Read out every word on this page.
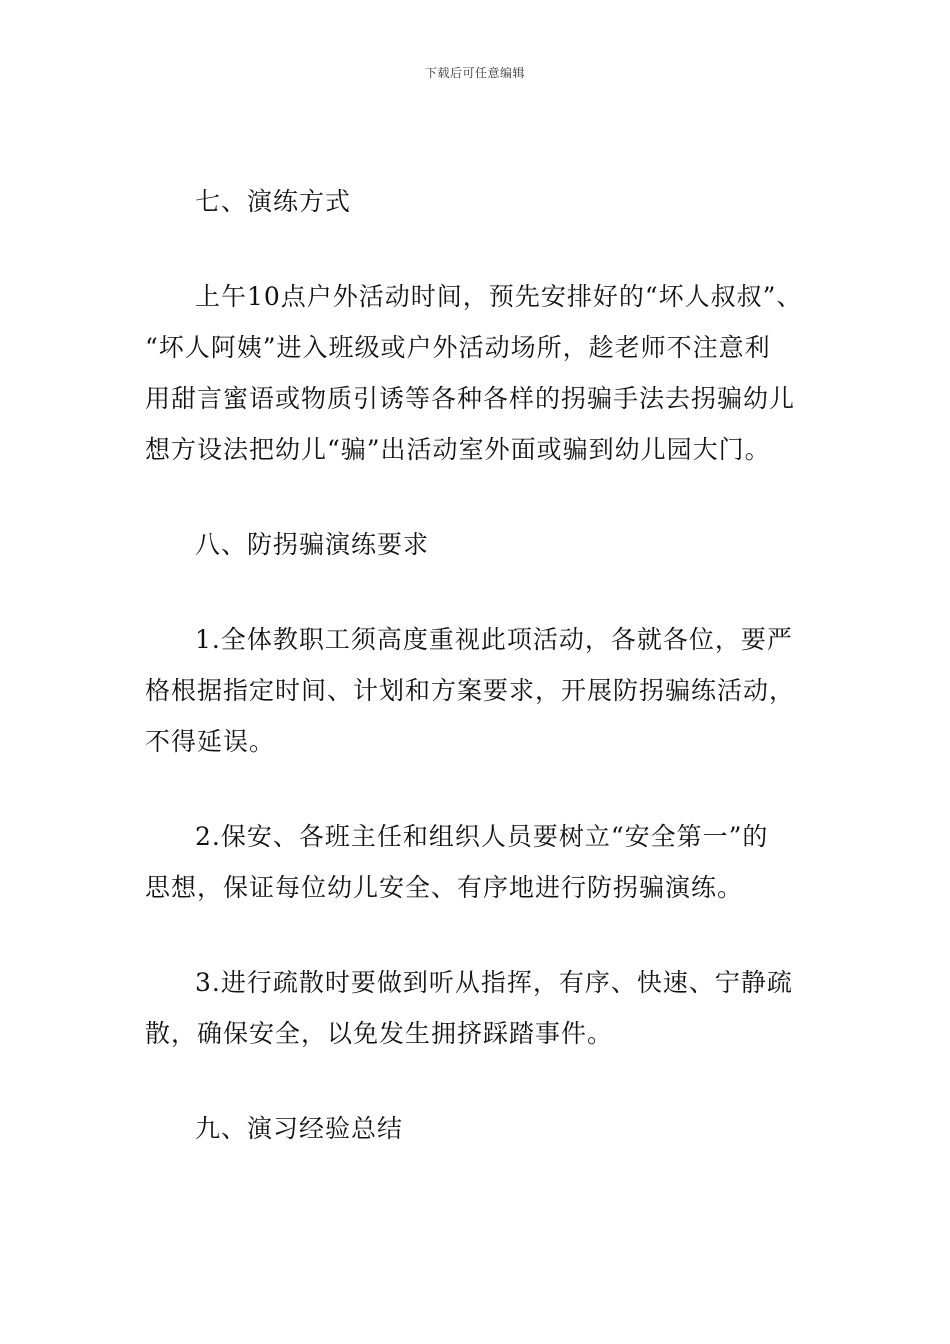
下载后可任意编辑

七、演练方式

上午10点户外活动时间，预先安排好的“坏人叔叔”、
“坏人阿姨”进入班级或户外活动场所，趁老师不注意利
用甜言蜜语或物质引诱等各种各样的拐骗手法去拐骗幼儿
想方设法把幼儿“骗”出活动室外面或骗到幼儿园大门。

八、防拐骗演练要求

1.全体教职工须高度重视此项活动，各就各位，要严
格根据指定时间、计划和方案要求，开展防拐骗练活动，
不得延误。

2.保安、各班主任和组织人员要树立“安全第一”的
思想，保证每位幼儿安全、有序地进行防拐骗演练。

3.进行疏散时要做到听从指挥，有序、快速、宁静疏
散，确保安全，以免发生拥挤踩踏事件。

九、演习经验总结
